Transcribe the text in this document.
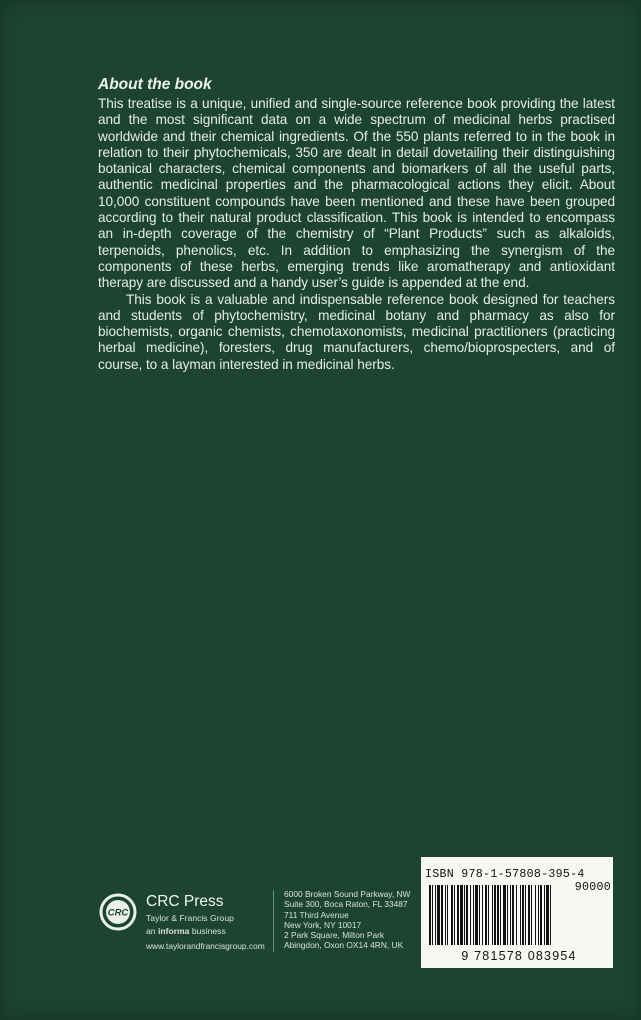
About the book

This treatise is a unique, unified and single-source reference book providing the latest and the most significant data on a wide spectrum of medicinal herbs practised worldwide and their chemical ingredients. Of the 550 plants referred to in the book in relation to their phytochemicals, 350 are dealt in detail dovetailing their distinguishing botanical characters, chemical components and biomarkers of all the useful parts, authentic medicinal properties and the pharmacological actions they elicit. About 10,000 constituent compounds have been mentioned and these have been grouped according to their natural product classification. This book is intended to encompass an in-depth coverage of the chemistry of “Plant Products” such as alkaloids, terpenoids, phenolics, etc. In addition to emphasizing the synergism of the components of these herbs, emerging trends like aromatherapy and antioxidant therapy are discussed and a handy user’s guide is appended at the end.

This book is a valuable and indispensable reference book designed for teachers and students of phytochemistry, medicinal botany and pharmacy as also for biochemists, organic chemists, chemotaxonomists, medicinal practitioners (practicing herbal medicine), foresters, drug manufacturers, chemo/bioprospecters, and of course, to a layman interested in medicinal herbs.

CRC
CRC Press
Taylor & Francis Group
an informa business
www.taylorandfrancisgroup.com
6000 Broken Sound Parkway, NW
Suite 300, Boca Raton, FL 33487
711 Third Avenue
New York, NY 10017
2 Park Square, Milton Park
Abingdon, Oxon OX14 4RN, UK
ISBN 978-1-57808-395-4
90000
9 781578 083954
